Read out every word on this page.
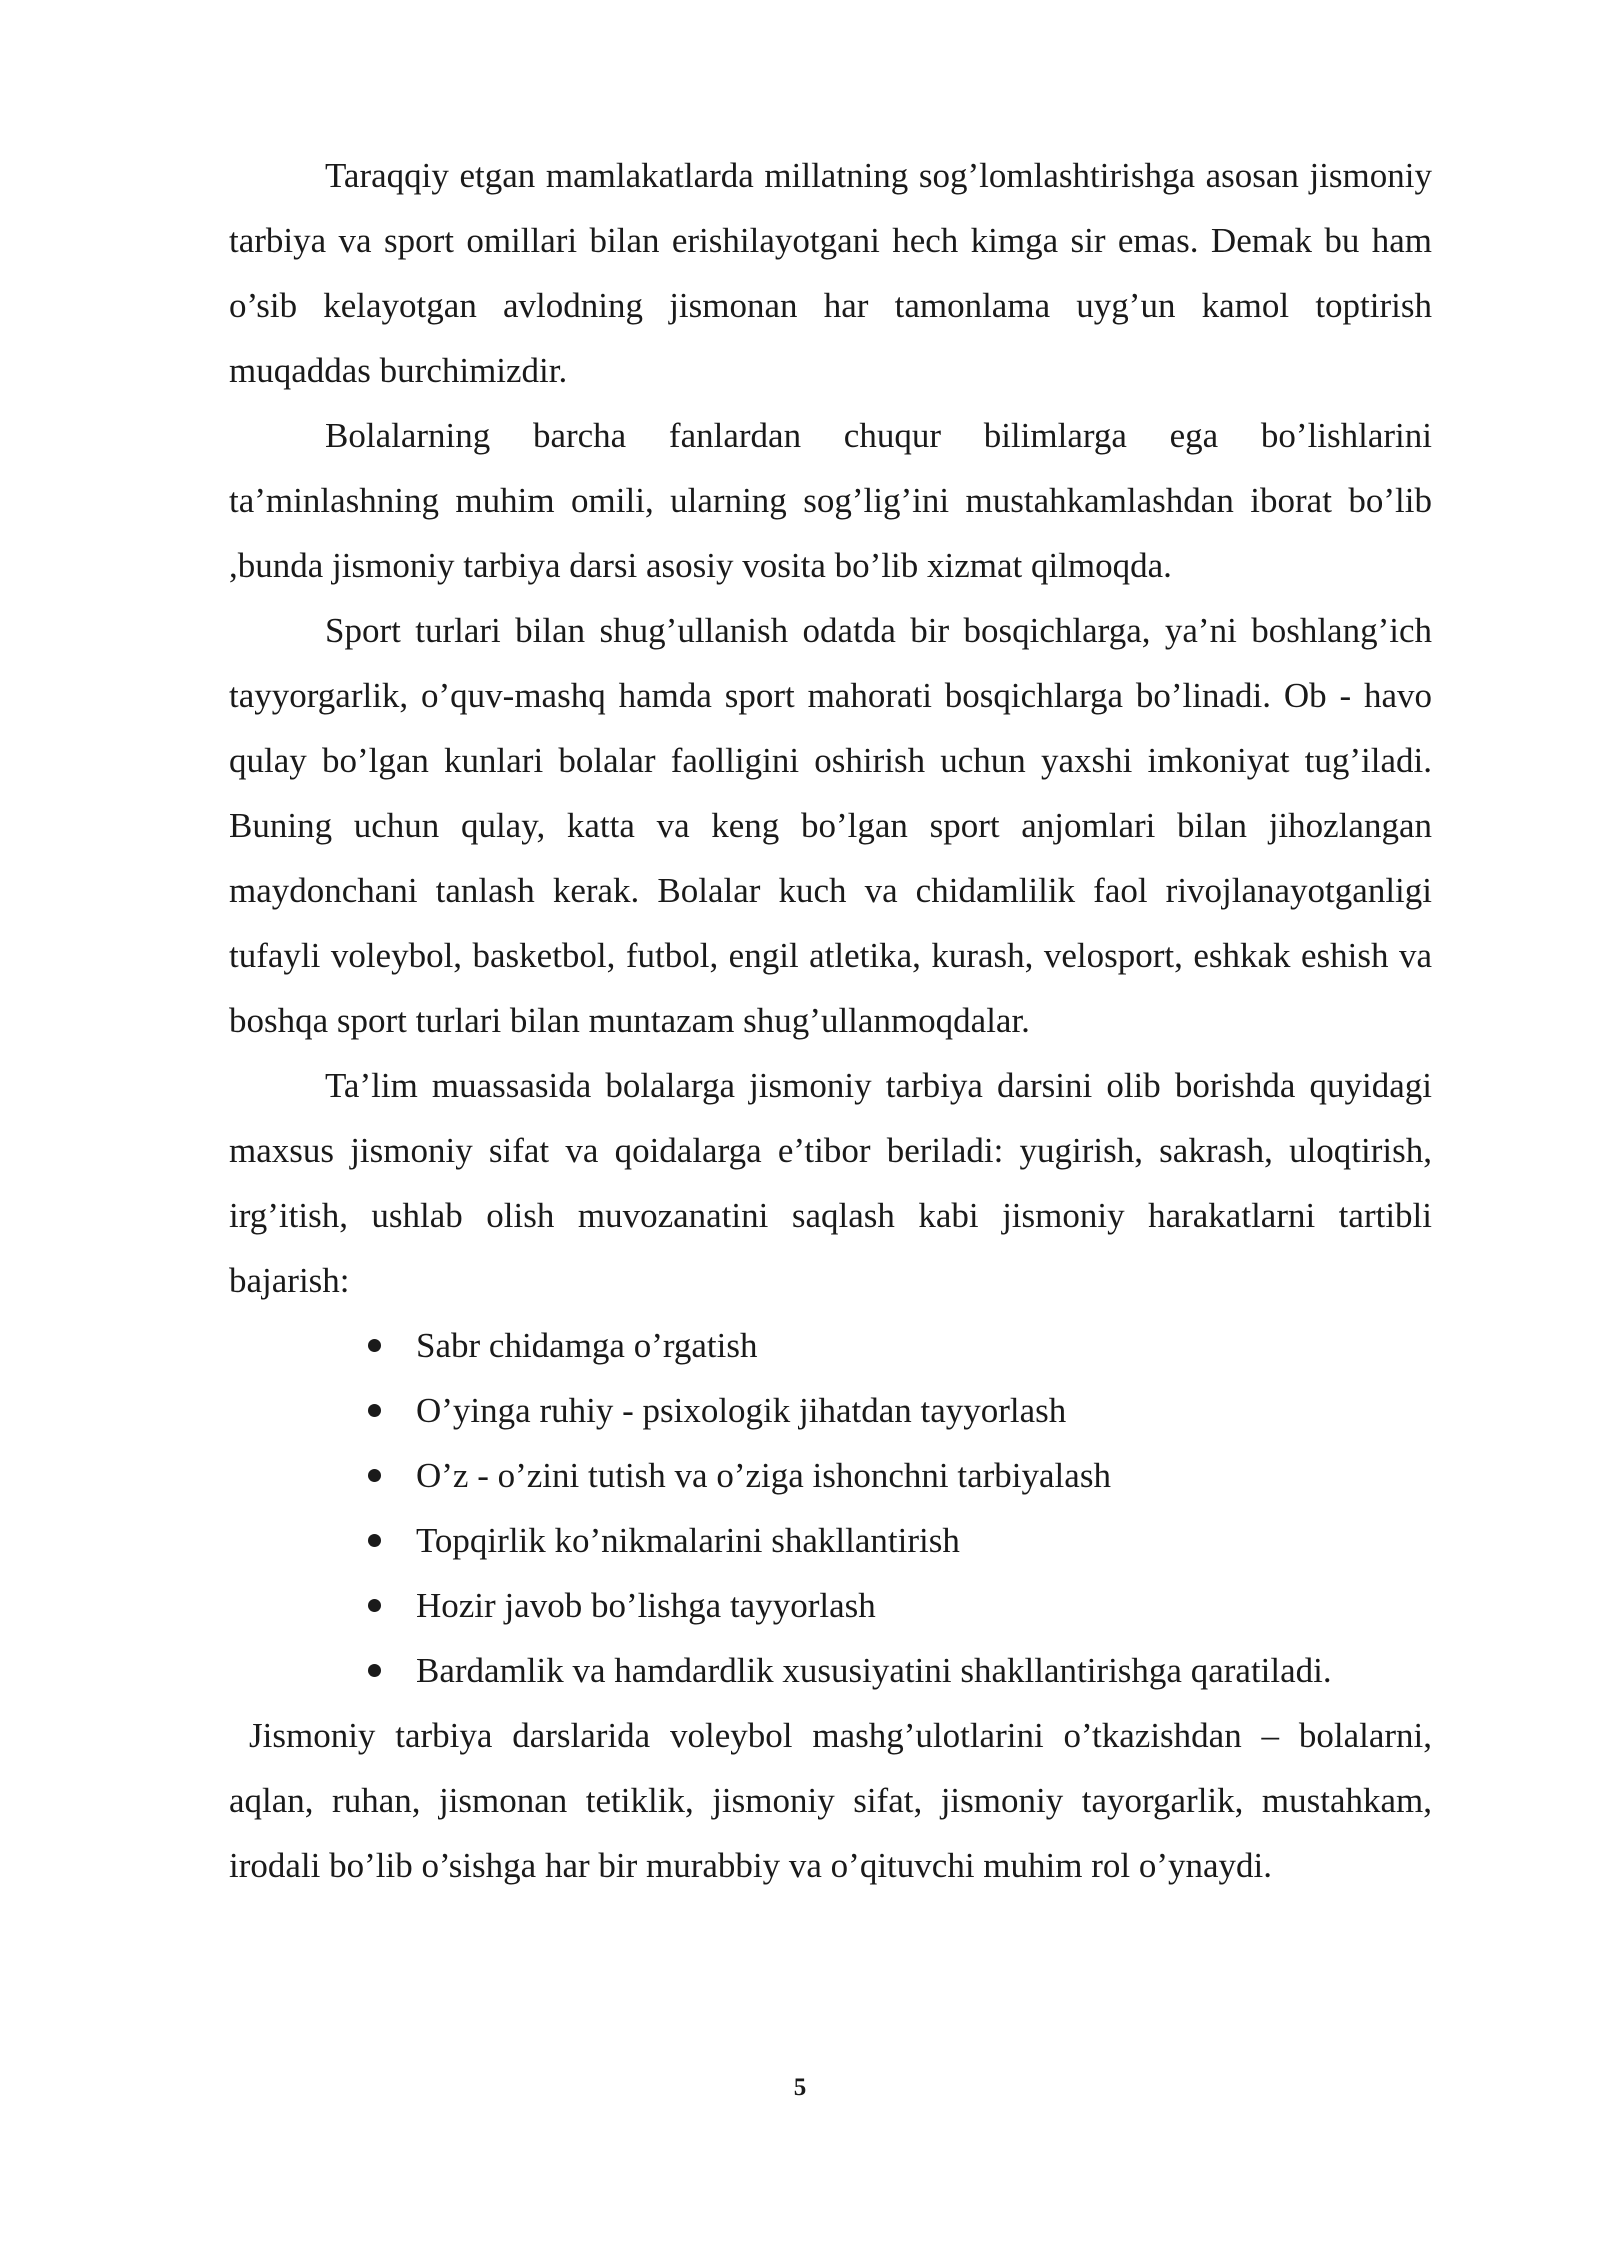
Taraqqiy etgan mamlakatlarda millatning sog’lomlashtirishga asosan jismoniy tarbiya va sport omillari bilan erishilayotgani hech kimga sir emas. Demak bu ham o’sib kelayotgan avlodning jismonan har tamonlama uyg’un kamol toptirish muqaddas burchimizdir.

Bolalarning barcha fanlardan chuqur bilimlarga ega bo’lishlarini ta’minlashning muhim omili, ularning sog’lig’ini mustahkamlashdan iborat bo’lib ,bunda jismoniy tarbiya darsi asosiy vosita bo’lib xizmat qilmoqda.

Sport turlari bilan shug’ullanish odatda bir bosqichlarga, ya’ni boshlang’ich tayyorgarlik, o’quv-mashq hamda sport mahorati bosqichlarga bo’linadi. Ob - havo qulay bo’lgan kunlari bolalar faolligini oshirish uchun yaxshi imkoniyat tug’iladi. Buning uchun qulay, katta va keng bo’lgan sport anjomlari bilan jihozlangan maydonchani tanlash kerak. Bolalar kuch va chidamlilik faol rivojlanayotganligi tufayli voleybol, basketbol, futbol, engil atletika, kurash, velosport, eshkak eshish va boshqa sport turlari bilan muntazam shug’ullanmoqdalar.

Ta’lim muassasida bolalarga jismoniy tarbiya darsini olib borishda quyidagi maxsus jismoniy sifat va qoidalarga e’tibor beriladi: yugirish, sakrash, uloqtirish, irg’itish, ushlab olish muvozanatini saqlash kabi jismoniy harakatlarni tartibli bajarish:

Sabr chidamga o’rgatish
O’yinga ruhiy - psixologik jihatdan tayyorlash
O’z - o’zini tutish va o’ziga ishonchni tarbiyalash
Topqirlik ko’nikmalarini shakllantirish
Hozir javob bo’lishga tayyorlash
Bardamlik va hamdardlik xususiyatini shakllantirishga qaratiladi.

Jismoniy tarbiya darslarida voleybol mashg’ulotlarini o’tkazishdan – bolalarni, aqlan, ruhan, jismonan tetiklik, jismoniy sifat, jismoniy tayorgarlik, mustahkam, irodali bo’lib o’sishga har bir murabbiy va o’qituvchi muhim rol o’ynaydi.

5
